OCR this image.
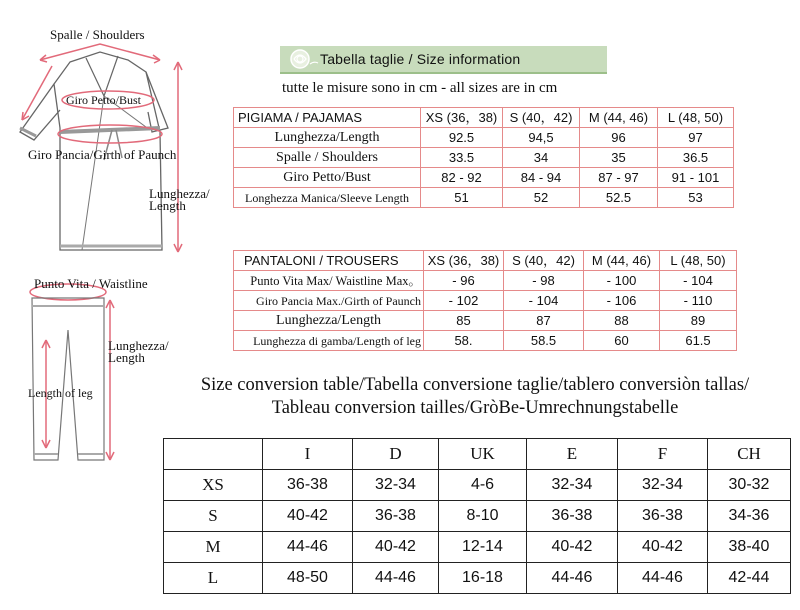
Spalle / Shoulders
Giro Petto/Bust
Giro Pancia/Girth of Paunch
Lunghezza/
Length
Punto Vita / Waistline
Lunghezza/
Length
Length of leg
Tabella taglie / Size information
tutte le misure sono in cm - all sizes are in cm
PIGIAMA / PAJAMAS	XS (36，38)	S (40，42)	M (44, 46)	L (48, 50)
Lunghezza/Length	92.5	94,5	96	97
Spalle / Shoulders	33.5	34	35	36.5
Giro Petto/Bust	82 - 92	84 - 94	87 - 97	91 - 101
Longhezza Manica/Sleeve Length	51	52	52.5	53
PANTALONI / TROUSERS	XS (36，38)	S (40，42)	M (44, 46)	L (48, 50)
Punto Vita Max/ Waistline Max。	- 96	- 98	- 100	- 104
Giro Pancia Max./Girth of Paunch	- 102	- 104	- 106	- 110
Lunghezza/Length	85	87	88	89
Lunghezza di gamba/Length of leg	58.	58.5	60	61.5
Size conversion table/Tabella conversione taglie/tablero conversiòn tallas/
Tableau conversion tailles/GròBe-Umrechnungstabelle
	I	D	UK	E	F	CH
XS	36-38	32-34	4-6	32-34	32-34	30-32
S	40-42	36-38	8-10	36-38	36-38	34-36
M	44-46	40-42	12-14	40-42	40-42	38-40
L	48-50	44-46	16-18	44-46	44-46	42-44
